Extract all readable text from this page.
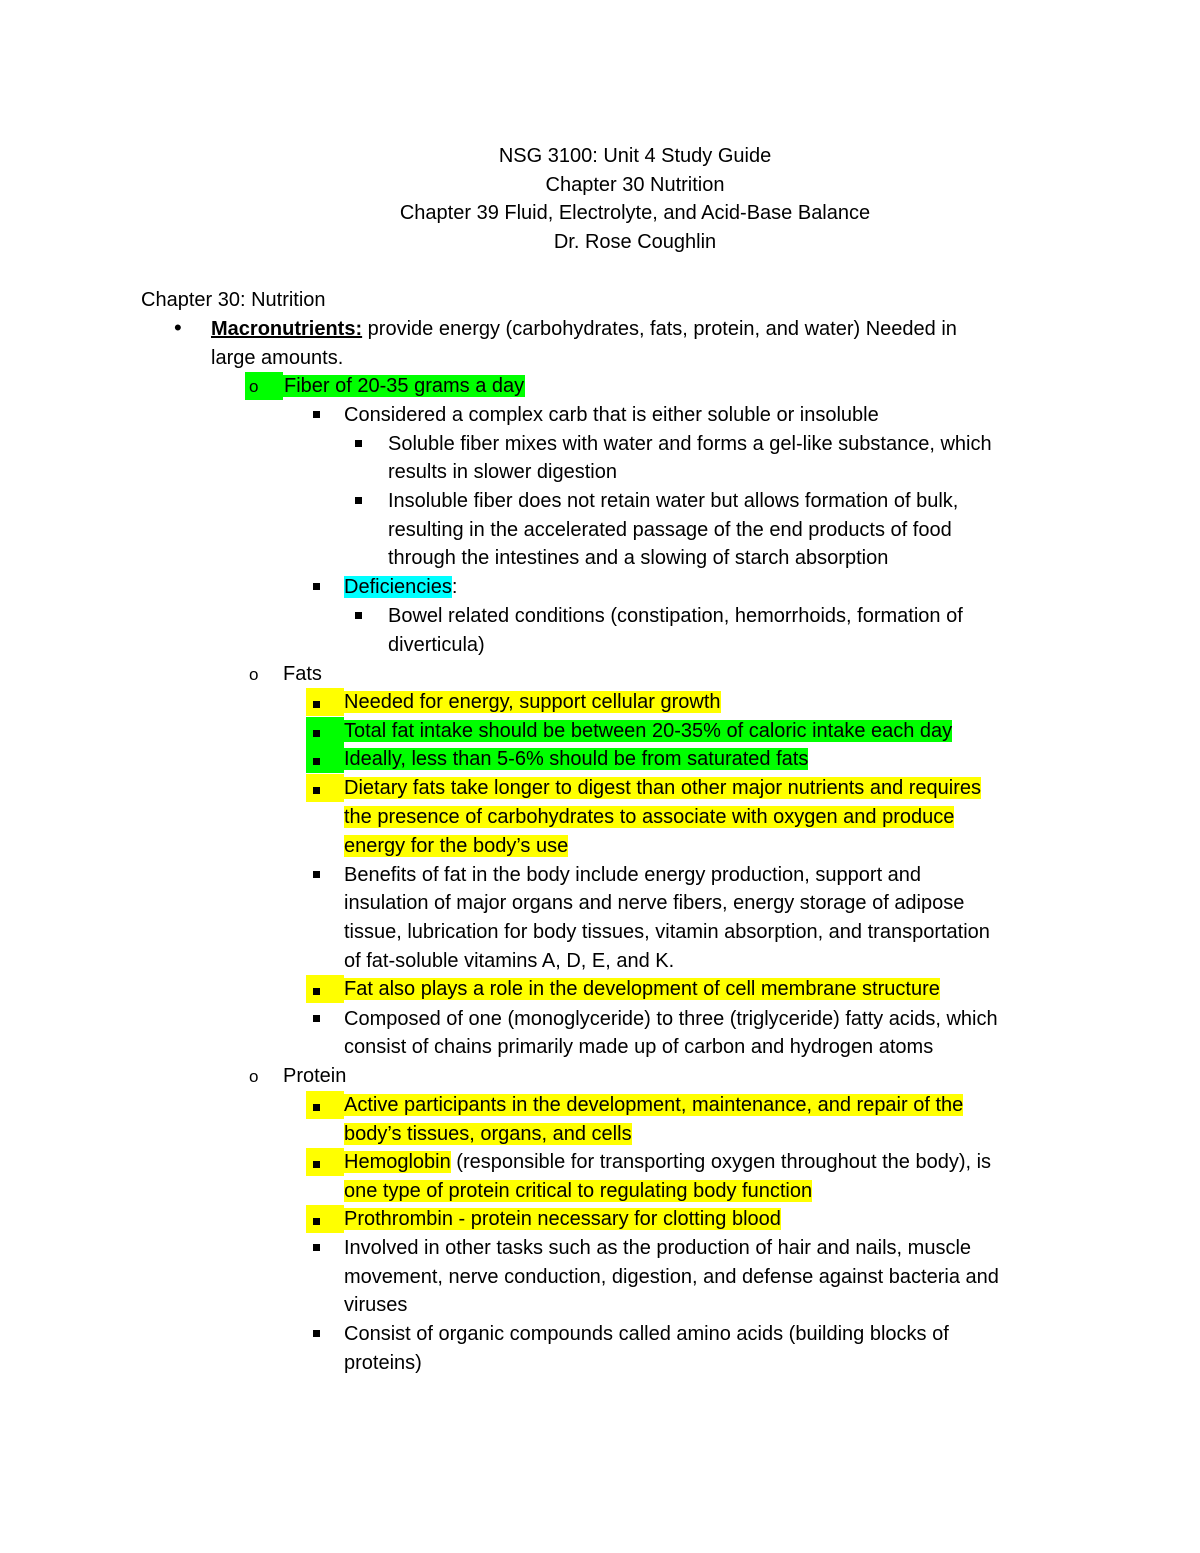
NSG 3100: Unit 4 Study Guide
Chapter 30 Nutrition
Chapter 39 Fluid, Electrolyte, and Acid-Base Balance
Dr. Rose Coughlin
Chapter 30: Nutrition
• Macronutrients: provide energy (carbohydrates, fats, protein, and water) Needed in
large amounts.
o Fiber of 20-35 grams a day
Considered a complex carb that is either soluble or insoluble
Soluble fiber mixes with water and forms a gel-like substance, which
results in slower digestion
Insoluble fiber does not retain water but allows formation of bulk,
resulting in the accelerated passage of the end products of food
through the intestines and a slowing of starch absorption
Deficiencies:
Bowel related conditions (constipation, hemorrhoids, formation of
diverticula)
o Fats
Needed for energy, support cellular growth
Total fat intake should be between 20-35% of caloric intake each day
Ideally, less than 5-6% should be from saturated fats
Dietary fats take longer to digest than other major nutrients and requires
the presence of carbohydrates to associate with oxygen and produce
energy for the body’s use
Benefits of fat in the body include energy production, support and
insulation of major organs and nerve fibers, energy storage of adipose
tissue, lubrication for body tissues, vitamin absorption, and transportation
of fat-soluble vitamins A, D, E, and K.
Fat also plays a role in the development of cell membrane structure
Composed of one (monoglyceride) to three (triglyceride) fatty acids, which
consist of chains primarily made up of carbon and hydrogen atoms
o Protein
Active participants in the development, maintenance, and repair of the
body’s tissues, organs, and cells
Hemoglobin (responsible for transporting oxygen throughout the body), is
one type of protein critical to regulating body function
Prothrombin - protein necessary for clotting blood
Involved in other tasks such as the production of hair and nails, muscle
movement, nerve conduction, digestion, and defense against bacteria and
viruses
Consist of organic compounds called amino acids (building blocks of
proteins)
